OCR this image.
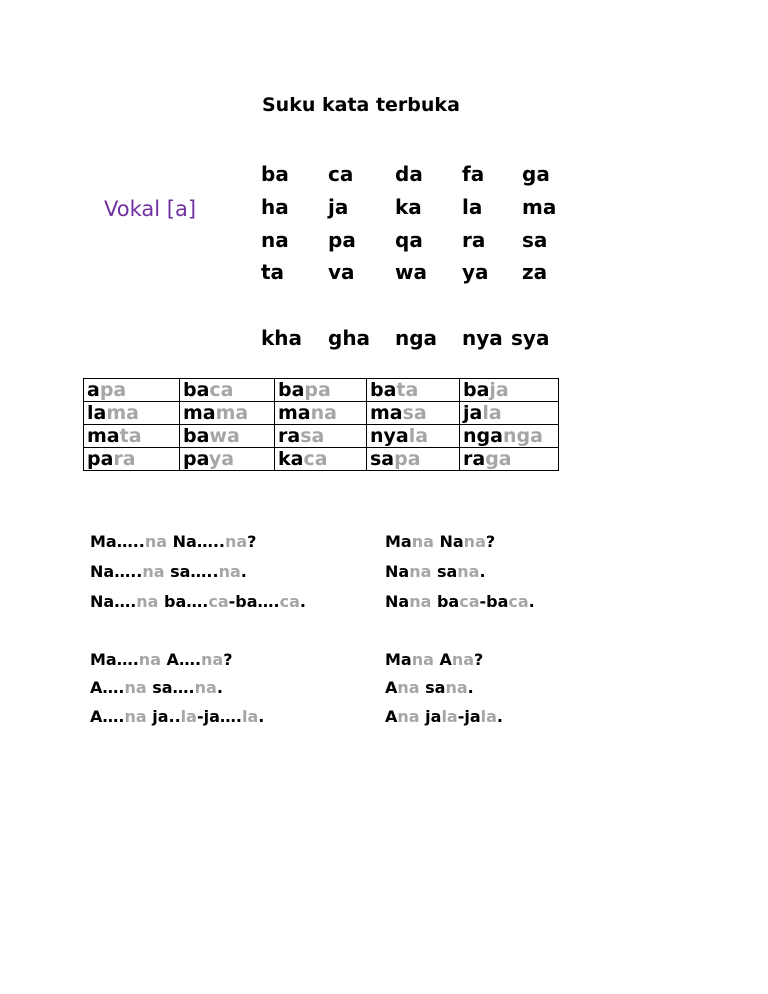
Suku kata terbuka
Vokal [a]
ba ca da fa ga
ha ja ka la ma
na pa qa ra sa
ta va wa ya za
kha gha nga nya sya
apa	baca	bapa	bata	baja
lama	mama	mana	masa	jala
mata	bawa	rasa	nyala	nganga
para	paya	kaca	sapa	raga
Ma…..na Na…..na?
Na…..na sa…..na.
Na….na ba….ca-ba….ca.
Ma….na A….na?
A….na sa….na.
A….na ja..la-ja….la.
Mana Nana?
Nana sana.
Nana baca-baca.
Mana Ana?
Ana sana.
Ana jala-jala.
